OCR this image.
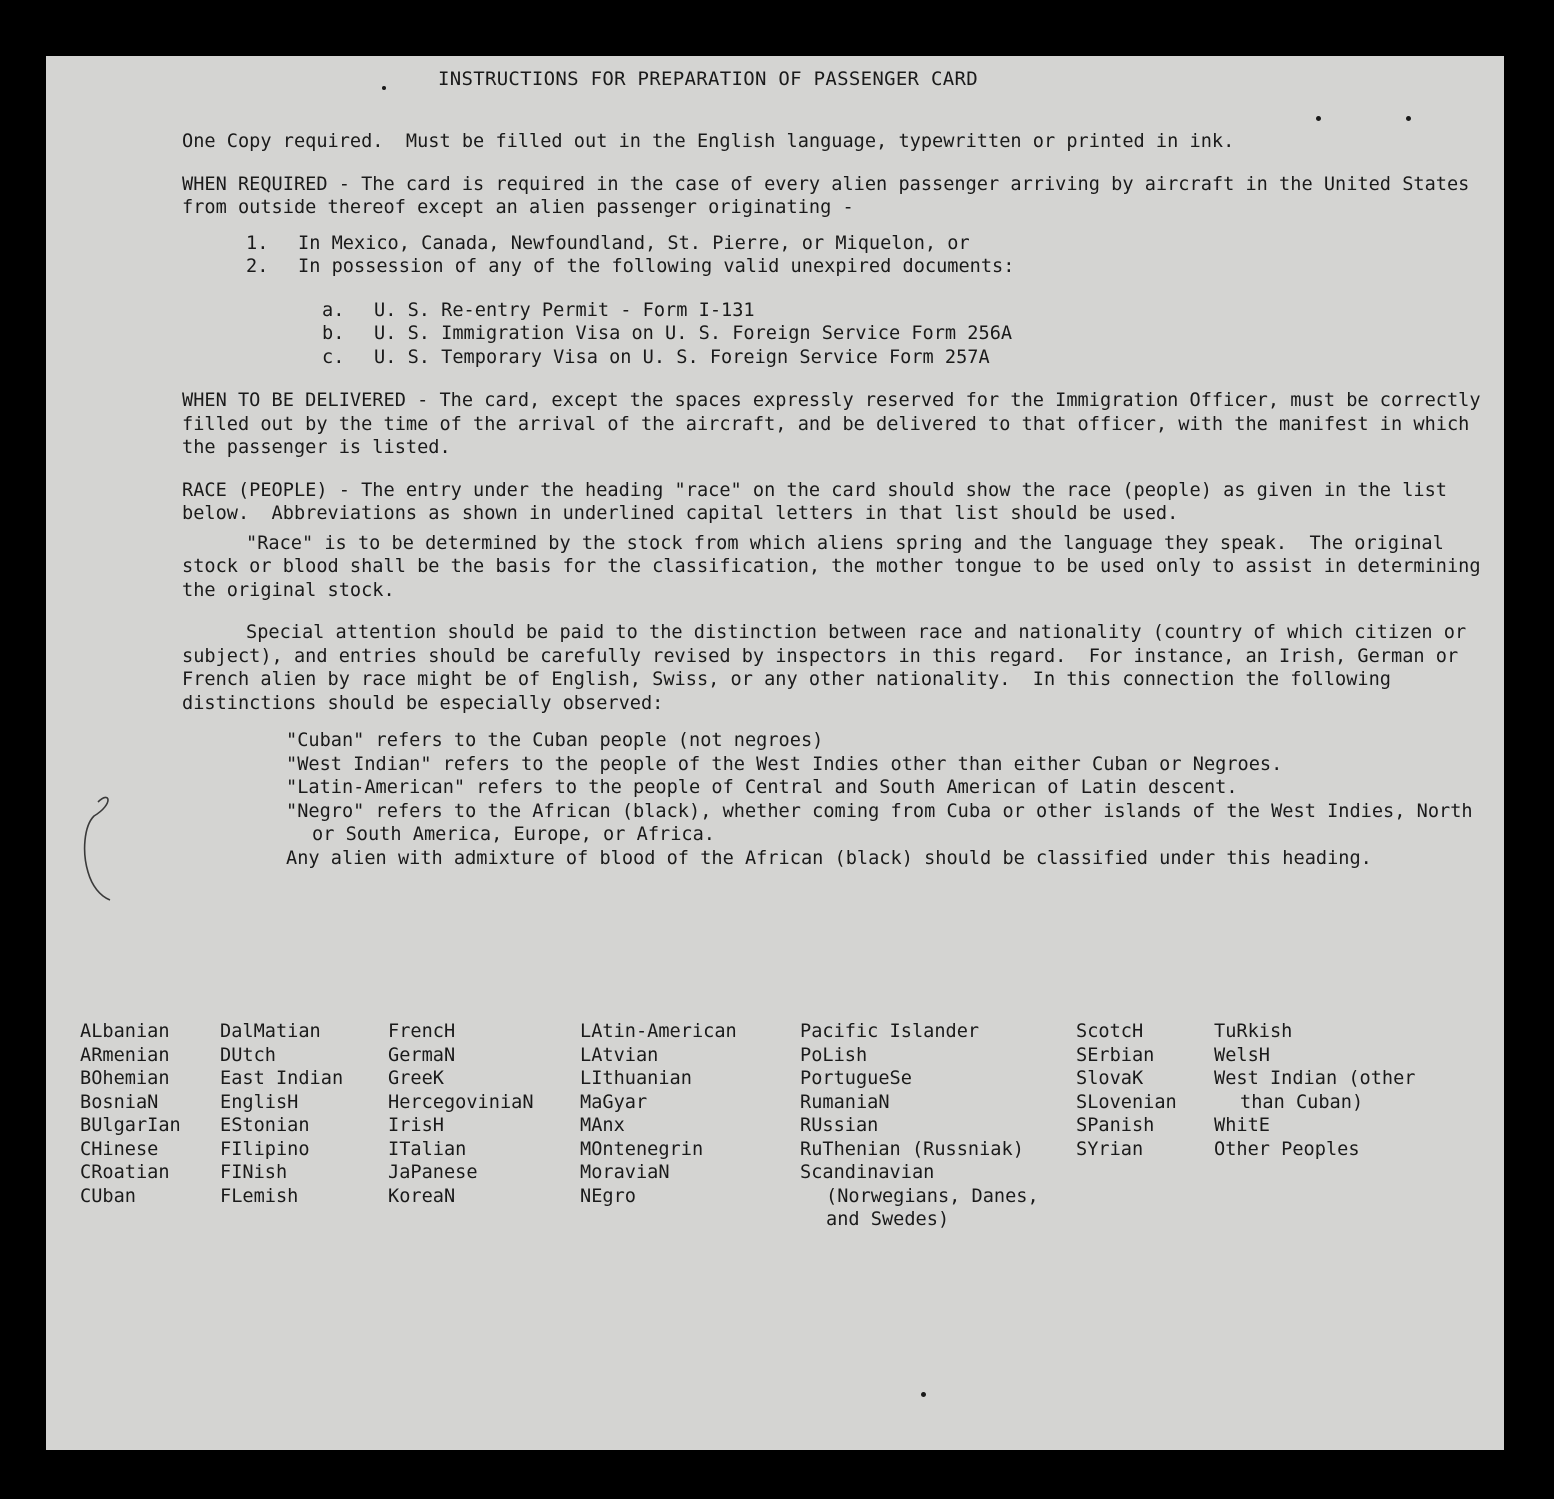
INSTRUCTIONS FOR PREPARATION OF PASSENGER CARD

One Copy required.  Must be filled out in the English language, typewritten or printed in ink.

WHEN REQUIRED - The card is required in the case of every alien passenger arriving by aircraft in the United States from outside thereof except an alien passenger originating -

1. In Mexico, Canada, Newfoundland, St. Pierre, or Miquelon, or
2. In possession of any of the following valid unexpired documents:
a. U. S. Re-entry Permit - Form I-131
b. U. S. Immigration Visa on U. S. Foreign Service Form 256A
c. U. S. Temporary Visa on U. S. Foreign Service Form 257A

WHEN TO BE DELIVERED - The card, except the spaces expressly reserved for the Immigration Officer, must be correctly filled out by the time of the arrival of the aircraft, and be delivered to that officer, with the manifest in which the passenger is listed.

RACE (PEOPLE) - The entry under the heading "race" on the card should show the race (people) as given in the list below.  Abbreviations as shown in underlined capital letters in that list should be used.

"Race" is to be determined by the stock from which aliens spring and the language they speak.  The original stock or blood shall be the basis for the classification, the mother tongue to be used only to assist in determining the original stock.

Special attention should be paid to the distinction between race and nationality (country of which citizen or subject), and entries should be carefully revised by inspectors in this regard.  For instance, an Irish, German or French alien by race might be of English, Swiss, or any other nationality.  In this connection the following distinctions should be especially observed:

"Cuban" refers to the Cuban people (not negroes)
"West Indian" refers to the people of the West Indies other than either Cuban or Negroes.
"Latin-American" refers to the people of Central and South American of Latin descent.
"Negro" refers to the African (black), whether coming from Cuba or other islands of the West Indies, North or South America, Europe, or Africa.
Any alien with admixture of blood of the African (black) should be classified under this heading.
ALbanian
ARmenian
BOhemian
BosniaN
BUlgarIan
CHinese
CRoatian
CUban
DalMatian
DUtch
East Indian
EnglisH
EStonian
FIlipino
FINish
FLemish
FrencH
GermaN
GreeK
HercegoviniaN
IrisH
ITalian
JaPanese
KoreaN
LAtin-American
LAtvian
LIthuanian
MaGyar
MAnx
MOntenegrin
MoraviaN
NEgro
Pacific Islander
PoLish
PortugueSe
RumaniaN
RUssian
RuThenian (Russniak)
Scandinavian (Norwegians, Danes, and Swedes)
ScotcH
SErbian
SlovaK
SLovenian
SPanish
SYrian
TuRkish
WelsH
West Indian (other than Cuban)
WhitE
Other Peoples
